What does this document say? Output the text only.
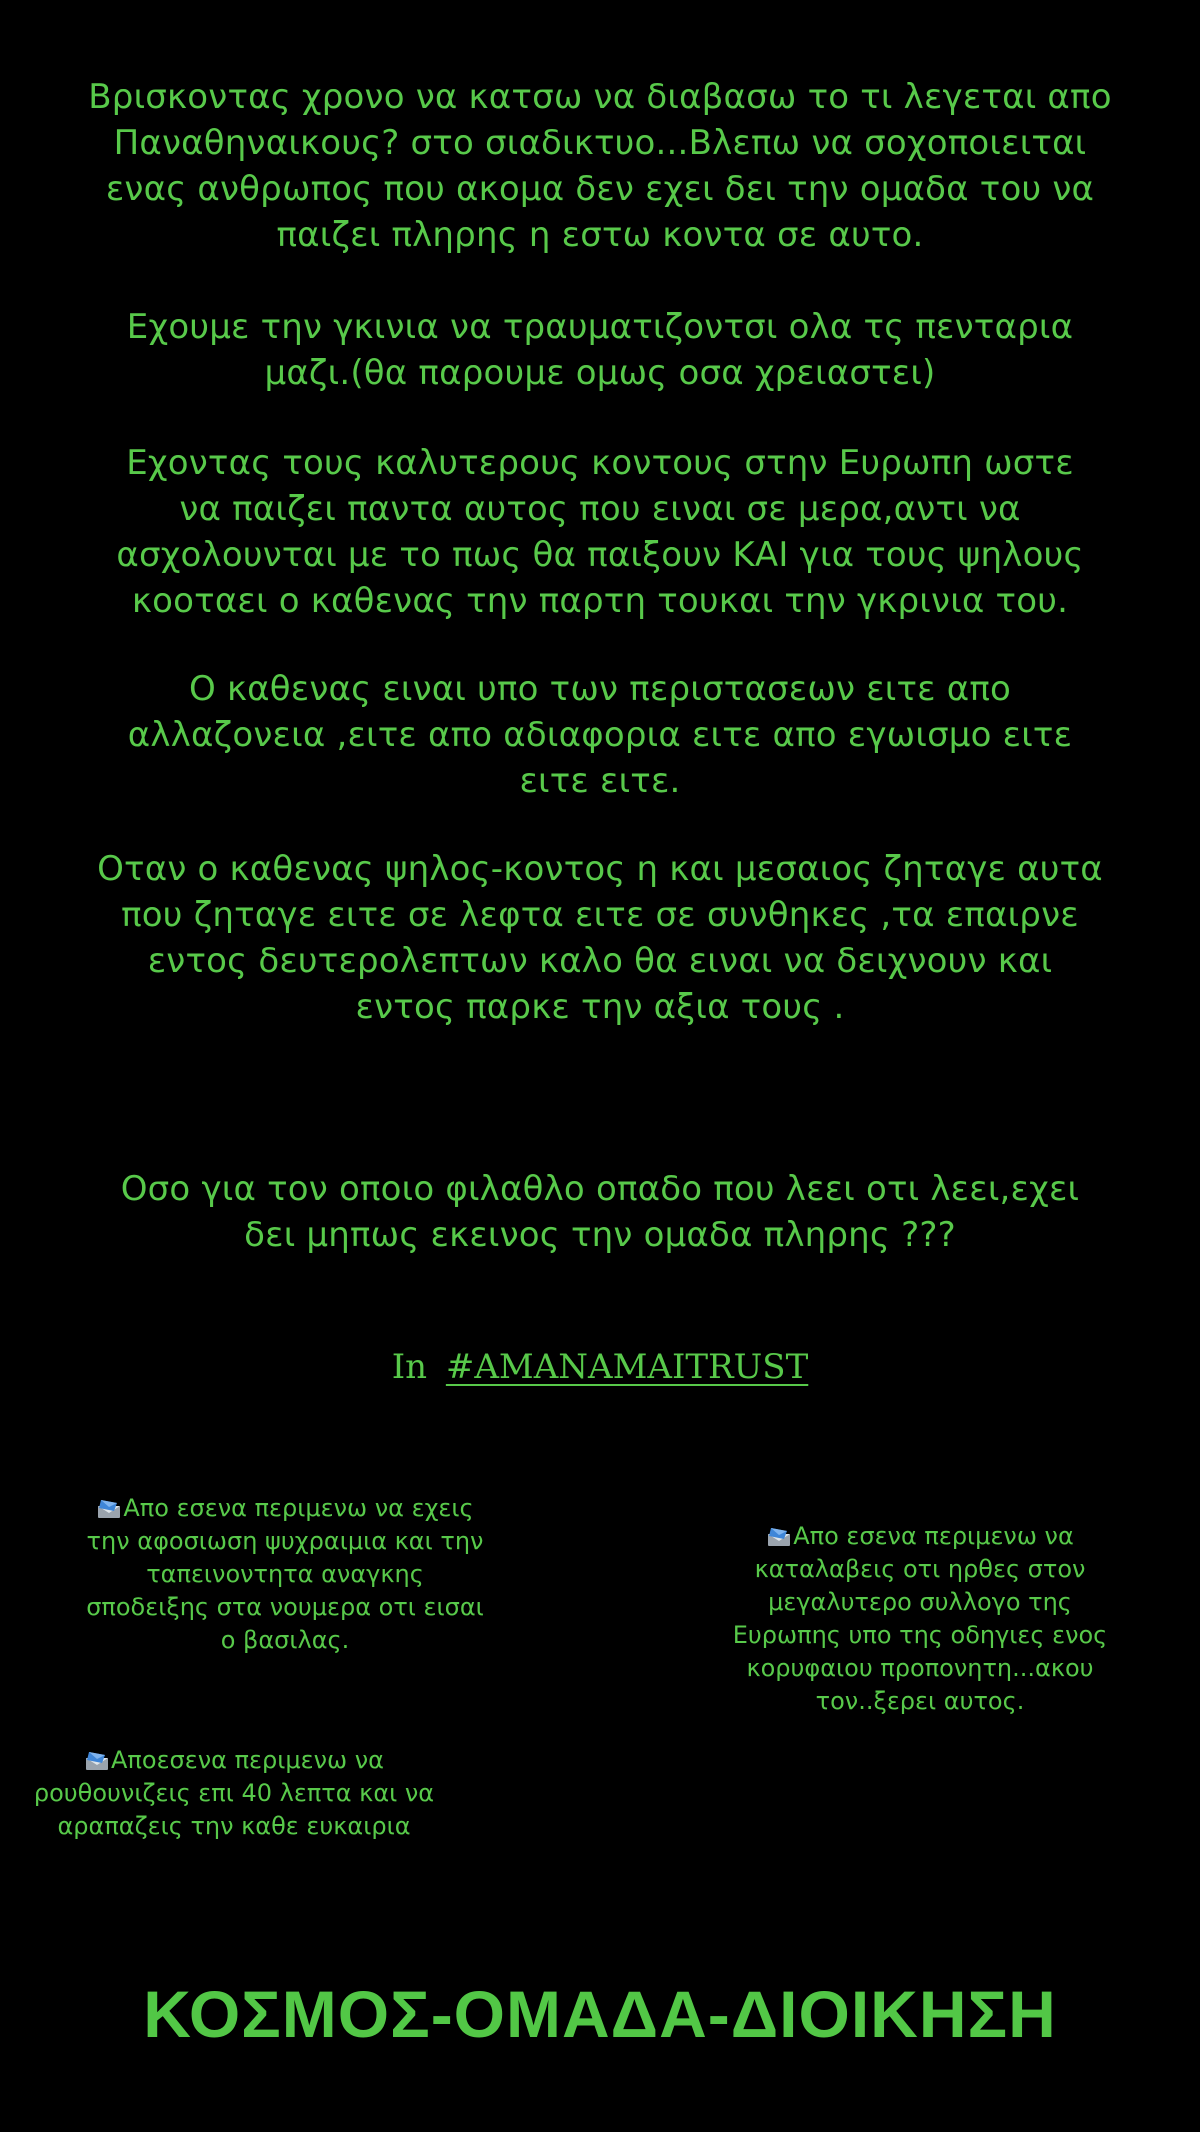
Βρισκοντας χρονο να κατσω να διαβασω το τι λεγεται απο
Παναθηναικους? στο σιαδικτυο...Βλεπω να σοχοποιειται
ενας ανθρωπος που ακομα δεν εχει δει την ομαδα του να
παιζει πληρης η εστω κοντα σε αυτο.

Εχουμε την γκινια να τραυματιζοντσι ολα τς πενταρια
μαζι.(θα παρουμε ομως οσα χρειαστει)

Εχοντας τους καλυτερους κοντους στην Ευρωπη ωστε
να παιζει παντα αυτος που ειναι σε μερα,αντι να
ασχολουνται με το πως θα παιξουν ΚΑΙ για τους ψηλους
κοοταει ο καθενας την παρτη τουκαι την γκρινια του.

Ο καθενας ειναι υπο των περιστασεων ειτε απο
αλλαζονεια ,ειτε απο αδιαφορια ειτε απο εγωισμο ειτε
ειτε ειτε.

Οταν ο καθενας ψηλος-κοντος η και μεσαιος ζηταγε αυτα
που ζηταγε ειτε σε λεφτα ειτε σε συνθηκες ,τα επαιρνε
εντος δευτερολεπτων καλο θα ειναι να δειχνουν και
εντος παρκε την αξια τους .

Οσο για τον οποιο φιλαθλο οπαδο που λεει οτι λεει,εχει
δει μηπως εκεινος την ομαδα πληρης ???

In #AMANAMAITRUST

Απο εσενα περιμενω να εχεις
την αφοσιωση ψυχραιμια και την
ταπεινοντητα αναγκης
σποδειξης στα νουμερα οτι εισαι
ο βασιλας.

Απο εσενα περιμενω να
καταλαβεις οτι ηρθες στον
μεγαλυτερο συλλογο της
Ευρωπης υπο της οδηγιες ενος
κορυφαιου προπονητη...ακου
τον..ξερει αυτος.

Αποεσενα περιμενω να
ρουθουνιζεις επι 40 λεπτα και να
αραπαζεις την καθε ευκαιρια

ΚΟΣΜΟΣ-ΟΜΑΔΑ-ΔΙΟΙΚΗΣΗ
